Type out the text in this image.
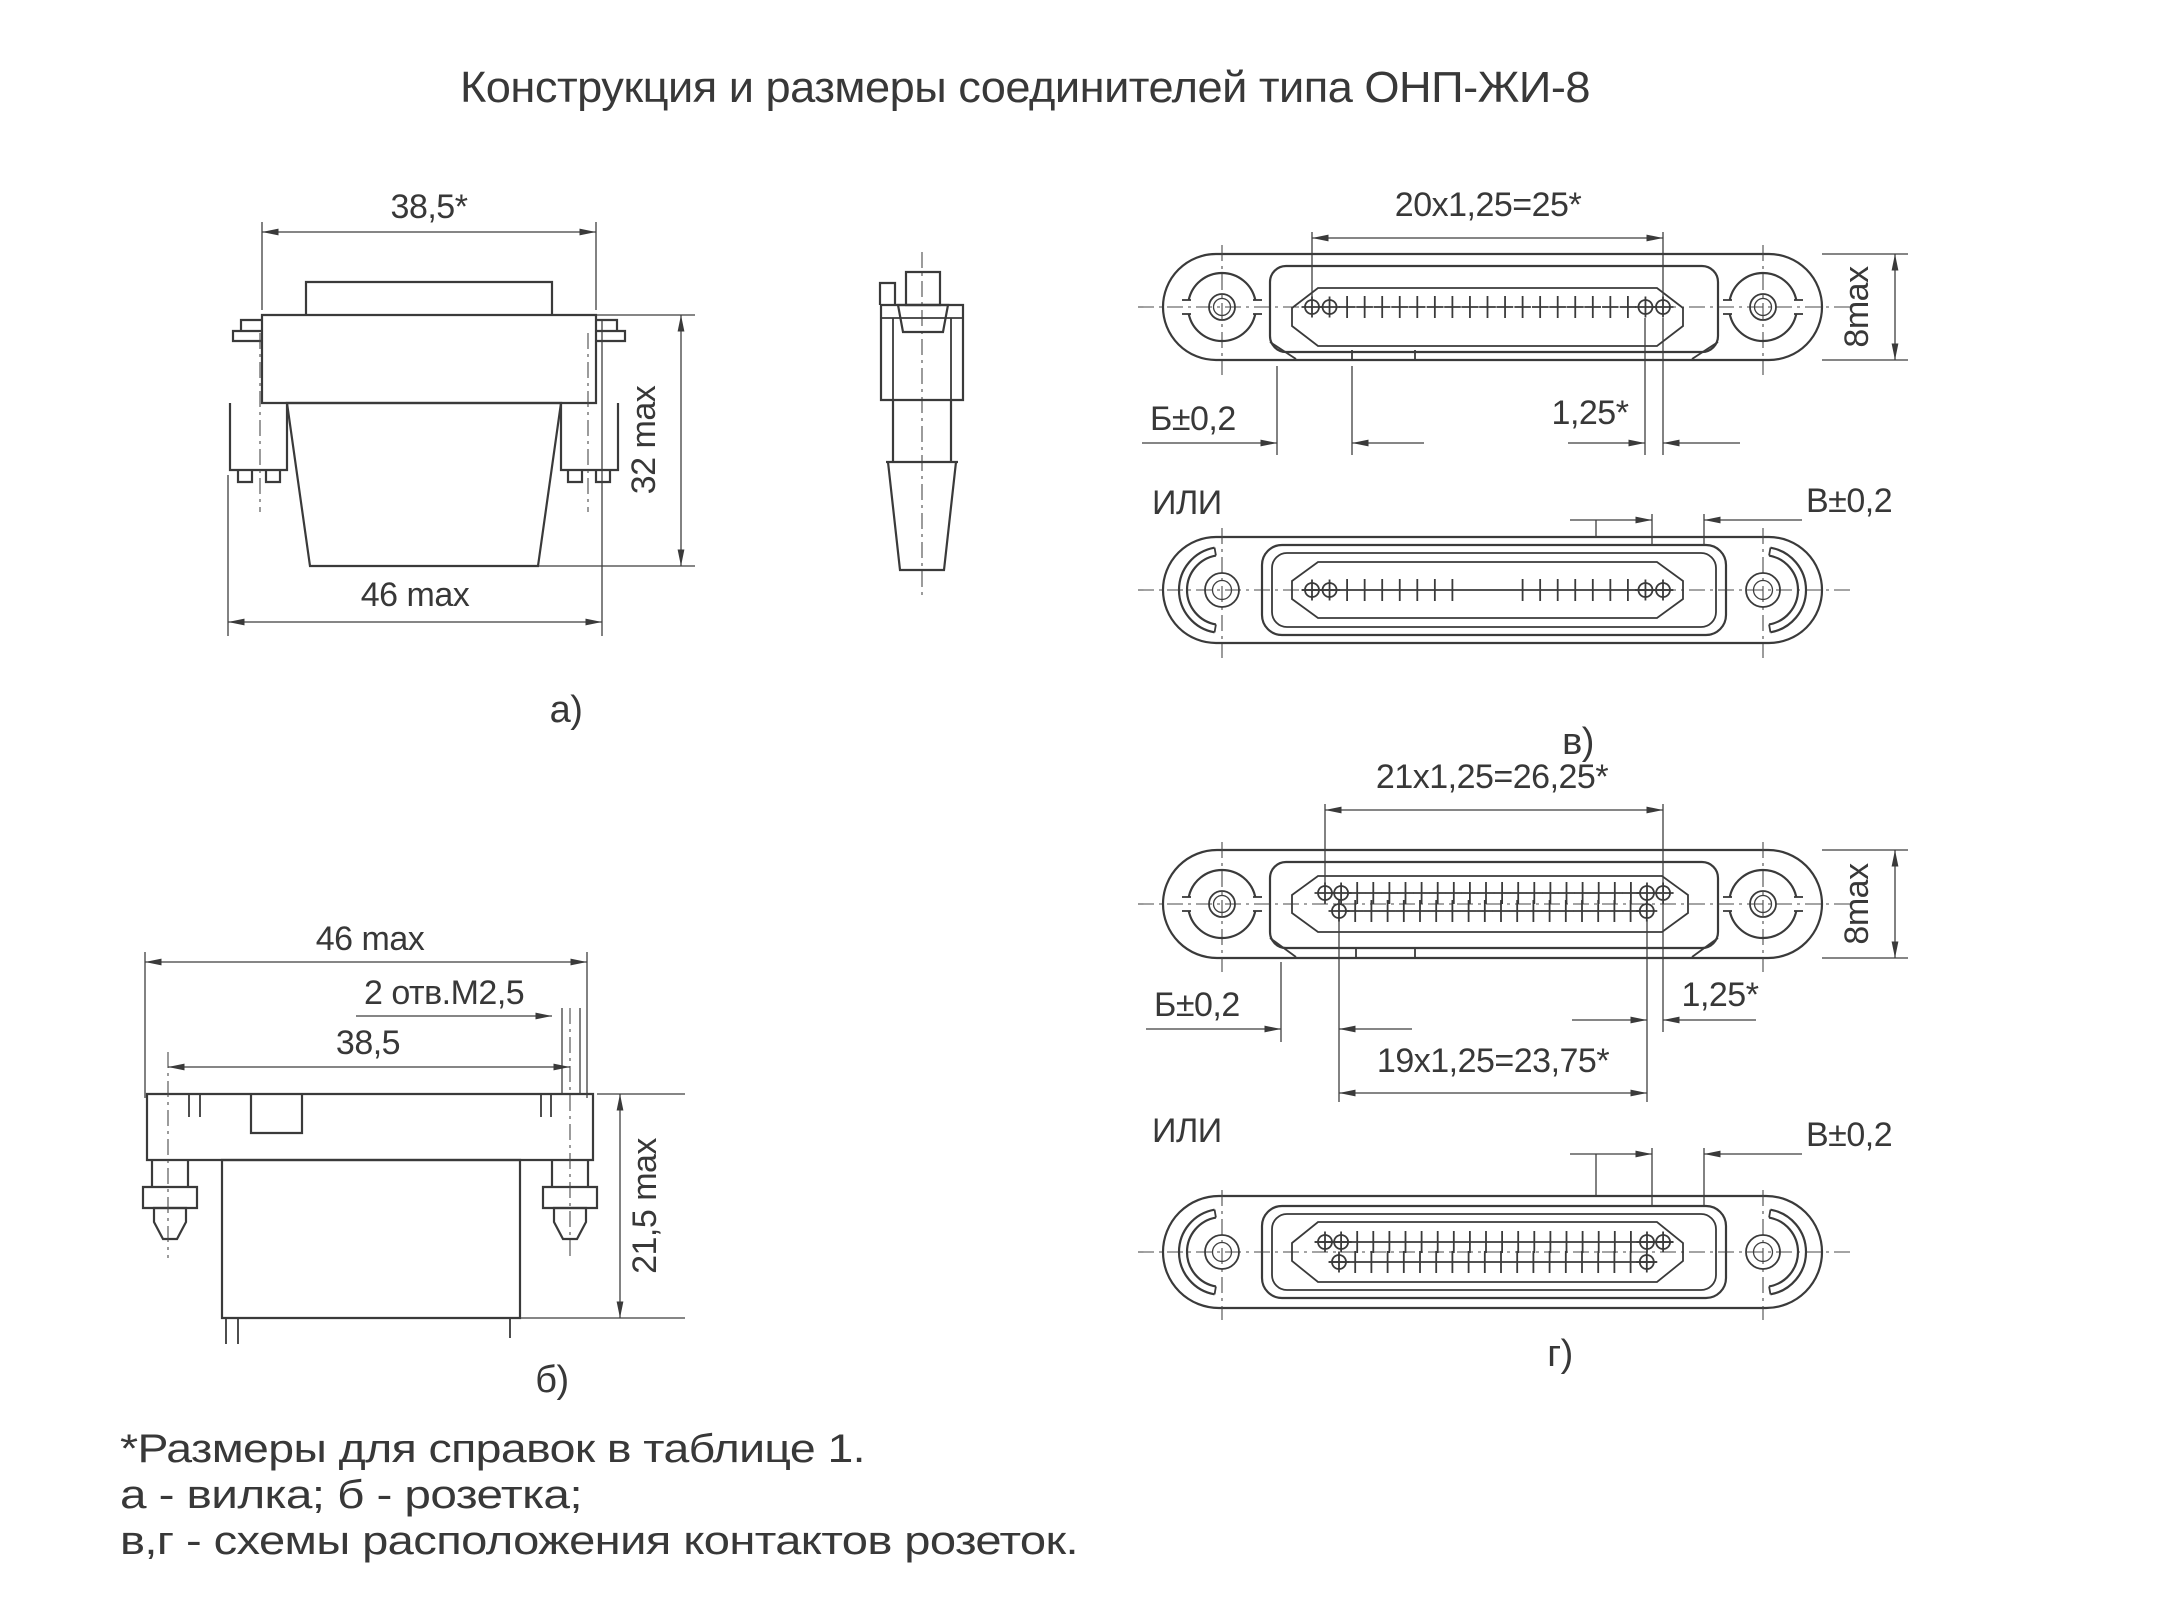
Конструкция и размеры соединителей типа ОНП-ЖИ-8
38,5*
32 max
46 max
а)
46 max
2 отв.М2,5
38,5
21,5 max
б)
20х1,25=25*
8max
Б±0,2	1,25*
ИЛИ	В±0,2
в)
21х1,25=26,25*
8max
Б±0,2	1,25*
19х1,25=23,75*
ИЛИ	В±0,2
г)
*Размеры для справок в таблице 1.
а - вилка; б - розетка;
в,г - схемы расположения контактов розеток.
